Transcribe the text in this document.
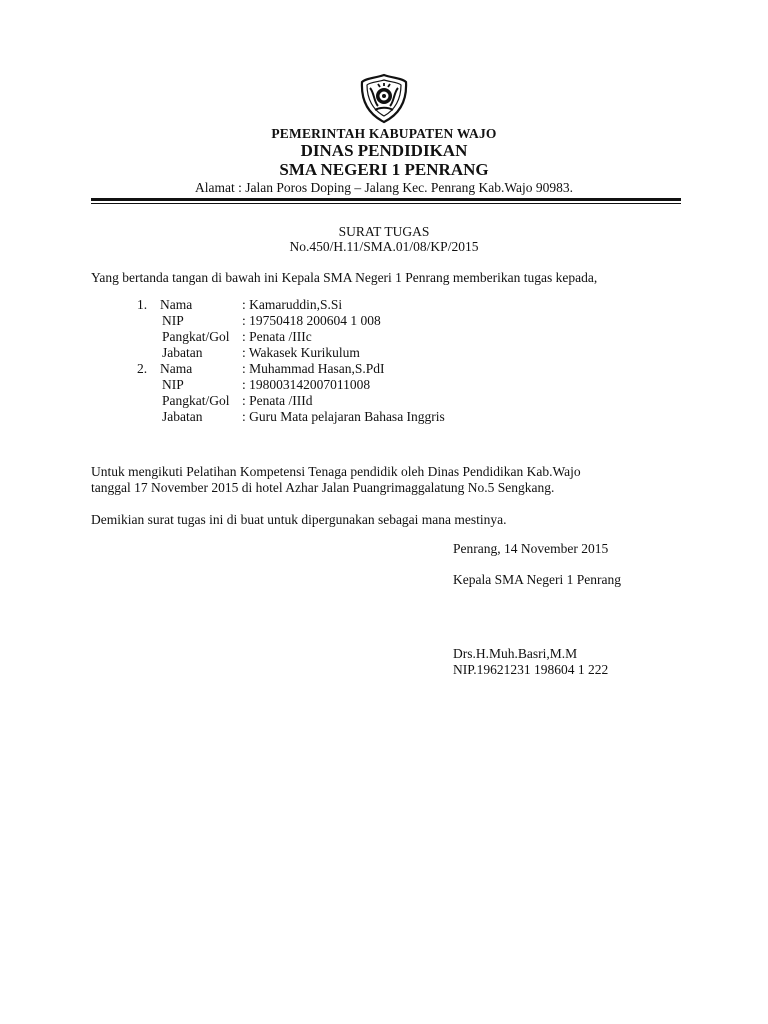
PEMERINTAH KABUPATEN WAJO
DINAS PENDIDIKAN
SMA NEGERI 1 PENRANG
Alamat : Jalan Poros Doping – Jalang Kec. Penrang Kab.Wajo 90983.
SURAT TUGAS
No.450/H.11/SMA.01/08/KP/2015
Yang bertanda tangan di bawah ini Kepala SMA Negeri 1 Penrang memberikan tugas kepada,
1. Nama	: Kamaruddin,S.Si
NIP	: 19750418 200604 1 008
Pangkat/Gol : Penata /IIIc
Jabatan	: Wakasek Kurikulum
2. Nama	: Muhammad Hasan,S.PdI
NIP	: 198003142007011008
Pangkat/Gol : Penata /IIId
Jabatan	: Guru Mata pelajaran Bahasa Inggris
Untuk mengikuti Pelatihan Kompetensi Tenaga pendidik oleh Dinas Pendidikan Kab.Wajo
tanggal 17 November 2015 di hotel Azhar Jalan Puangrimaggalatung No.5 Sengkang.
Demikian surat tugas ini di buat untuk dipergunakan sebagai mana mestinya.
Penrang, 14 November 2015
Kepala SMA Negeri 1 Penrang
Drs.H.Muh.Basri,M.M
NIP.19621231 198604 1 222
